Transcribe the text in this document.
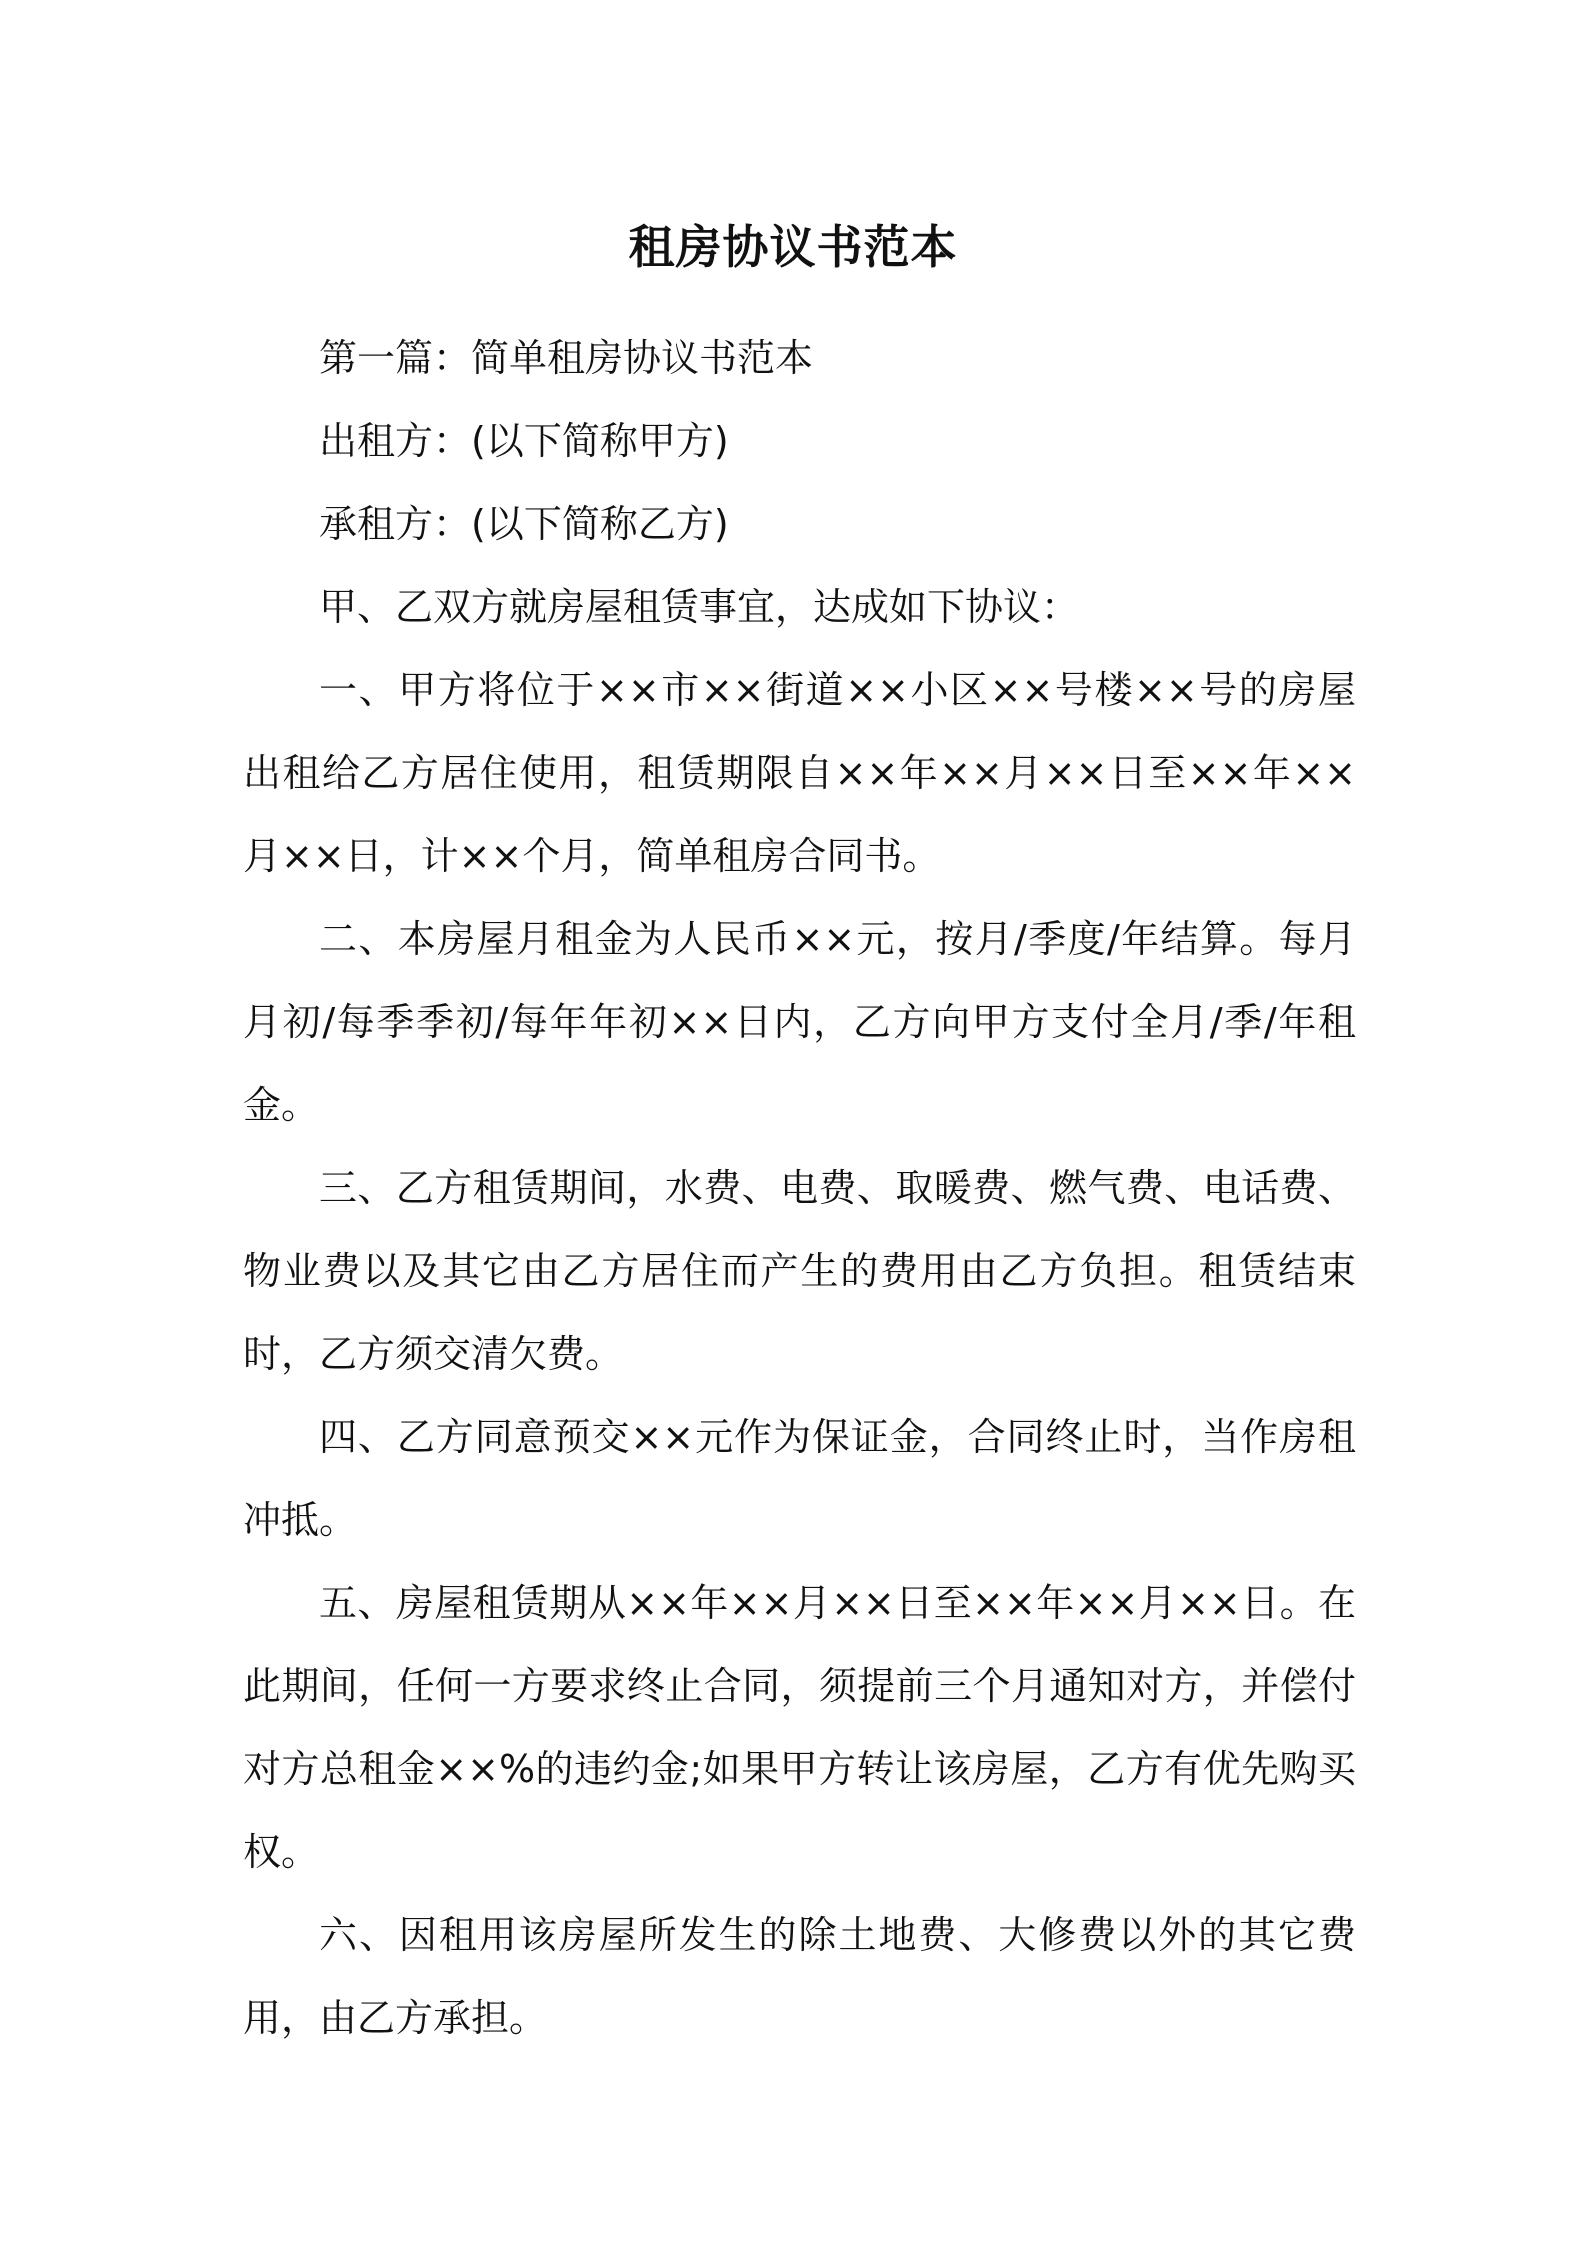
租房协议书范本

第一篇：简单租房协议书范本

出租方：(以下简称甲方)

承租方：(以下简称乙方)

甲、乙双方就房屋租赁事宜，达成如下协议：

一、甲方将位于××市××街道××小区××号楼××号的房屋出租给乙方居住使用，租赁期限自××年××月××日至××年××月××日，计××个月，简单租房合同书。

二、本房屋月租金为人民币××元，按月/季度/年结算。每月月初/每季季初/每年年初××日内，乙方向甲方支付全月/季/年租金。

三、乙方租赁期间，水费、电费、取暖费、燃气费、电话费、物业费以及其它由乙方居住而产生的费用由乙方负担。租赁结束时，乙方须交清欠费。

四、乙方同意预交××元作为保证金，合同终止时，当作房租冲抵。

五、房屋租赁期从××年××月××日至××年××月××日。在此期间，任何一方要求终止合同，须提前三个月通知对方，并偿付对方总租金××%的违约金;如果甲方转让该房屋，乙方有优先购买权。

六、因租用该房屋所发生的除土地费、大修费以外的其它费用，由乙方承担。
